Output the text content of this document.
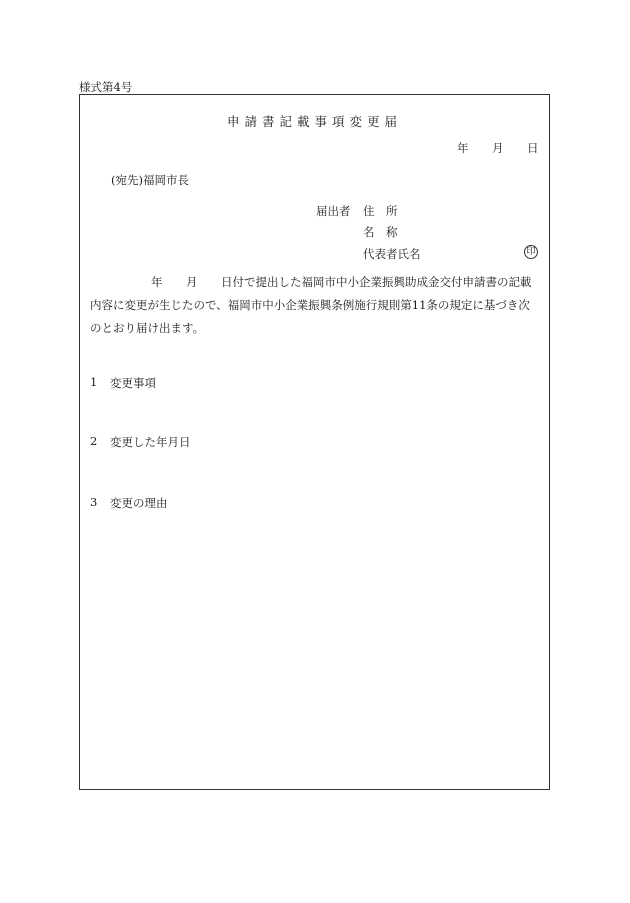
様式第4号
申請書記載事項変更届
年 月 日
(宛先)福岡市長
届出者 住　所
名　称
代表者氏名	印
年 月 日付で提出した福岡市中小企業振興助成金交付申請書の記載
内容に変更が生じたので、福岡市中小企業振興条例施行規則第11条の規定に基づき次
のとおり届け出ます。
1 変更事項
2 変更した年月日
3 変更の理由
